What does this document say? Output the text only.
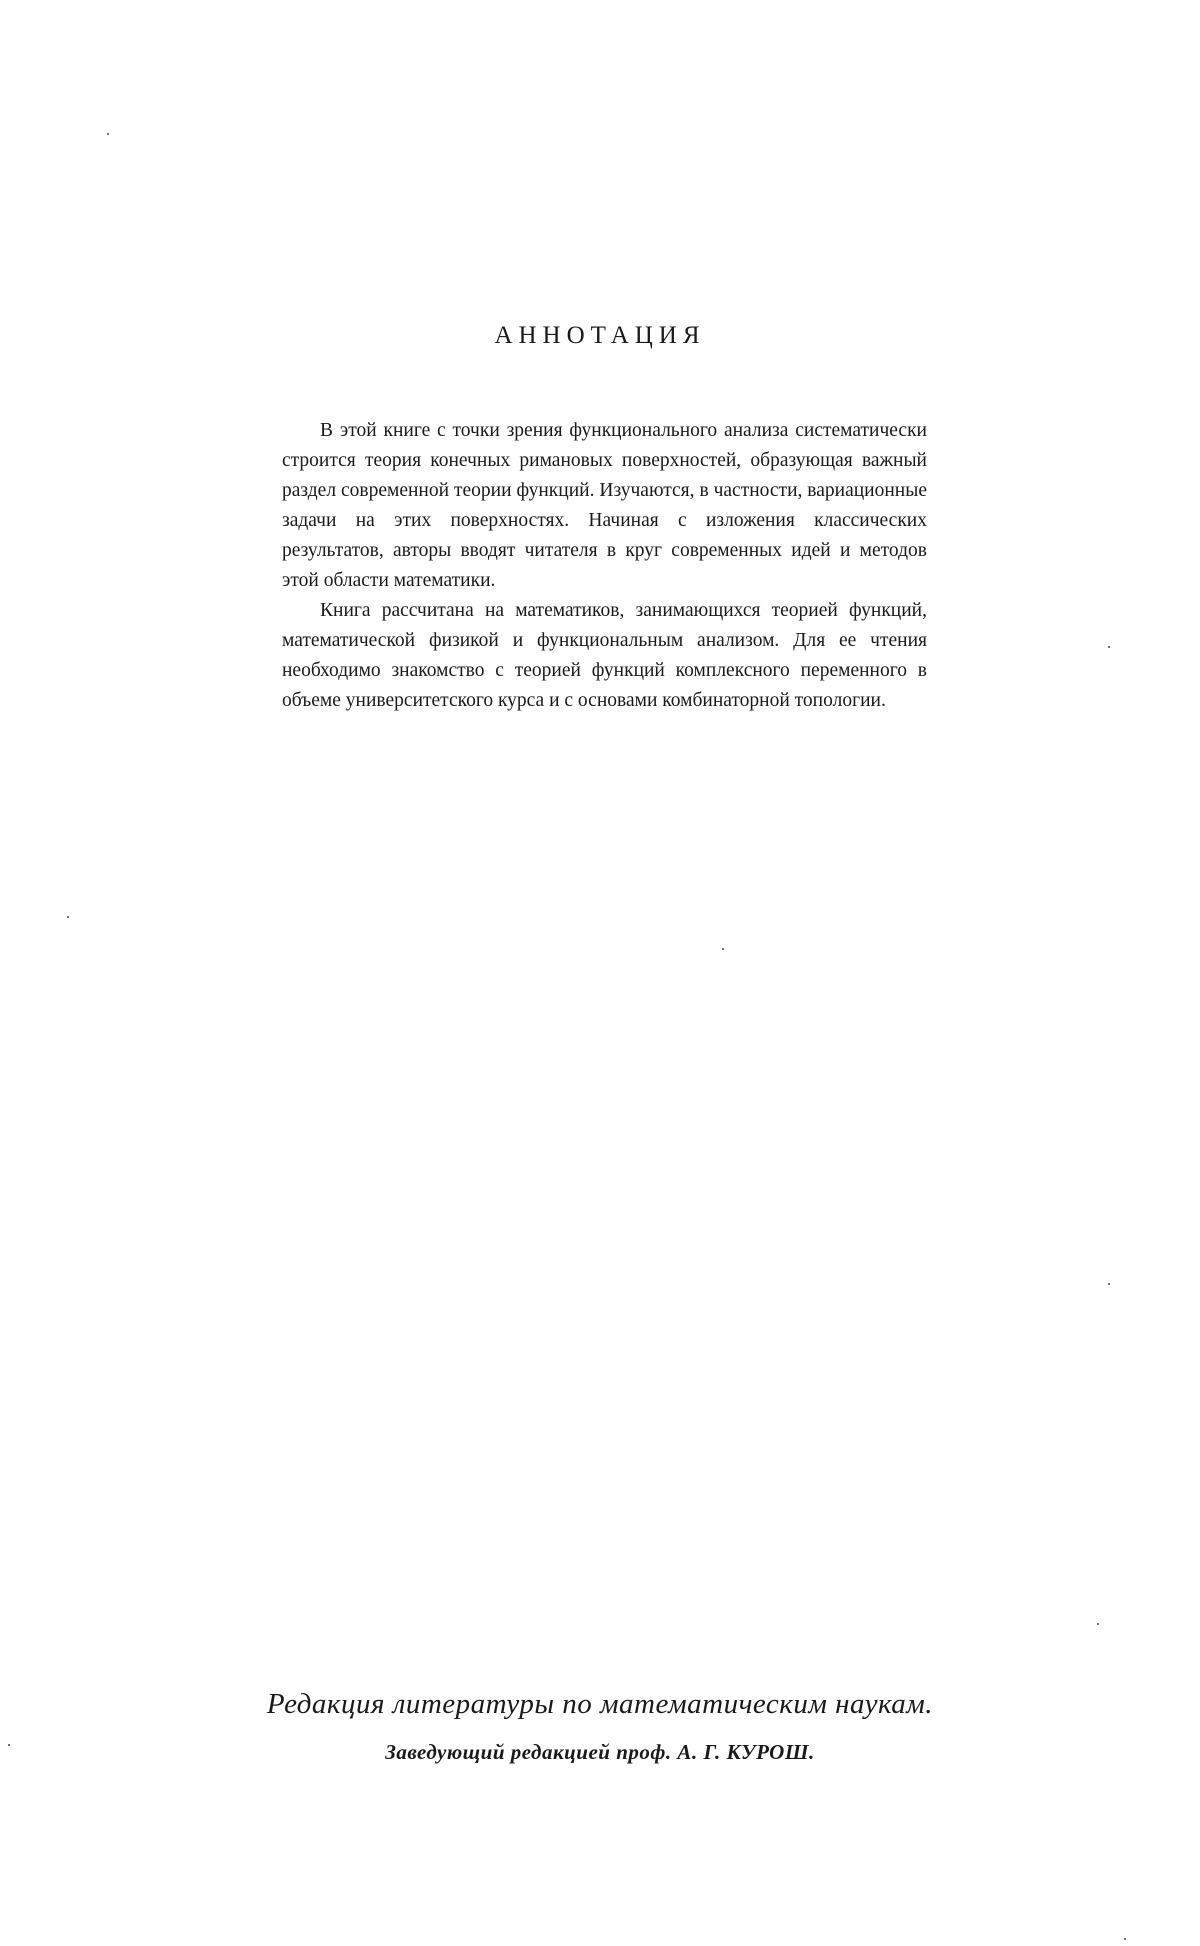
АННОТАЦИЯ

В этой книге с точки зрения функционального анализа систематически строится теория конечных римановых поверхностей, образующая важный раздел современной теории функций. Изучаются, в частности, вариационные задачи на этих поверхностях. Начиная с изложения классических результатов, авторы вводят читателя в круг современных идей и методов этой области математики.

Книга рассчитана на математиков, занимающихся теорией функций, математической физикой и функциональным анализом. Для ее чтения необходимо знакомство с теорией функций комплексного переменного в объеме университетского курса и с основами комбинаторной топологии.

Редакция литературы по математическим наукам.
Заведующий редакцией проф. А. Г. КУРОШ.
